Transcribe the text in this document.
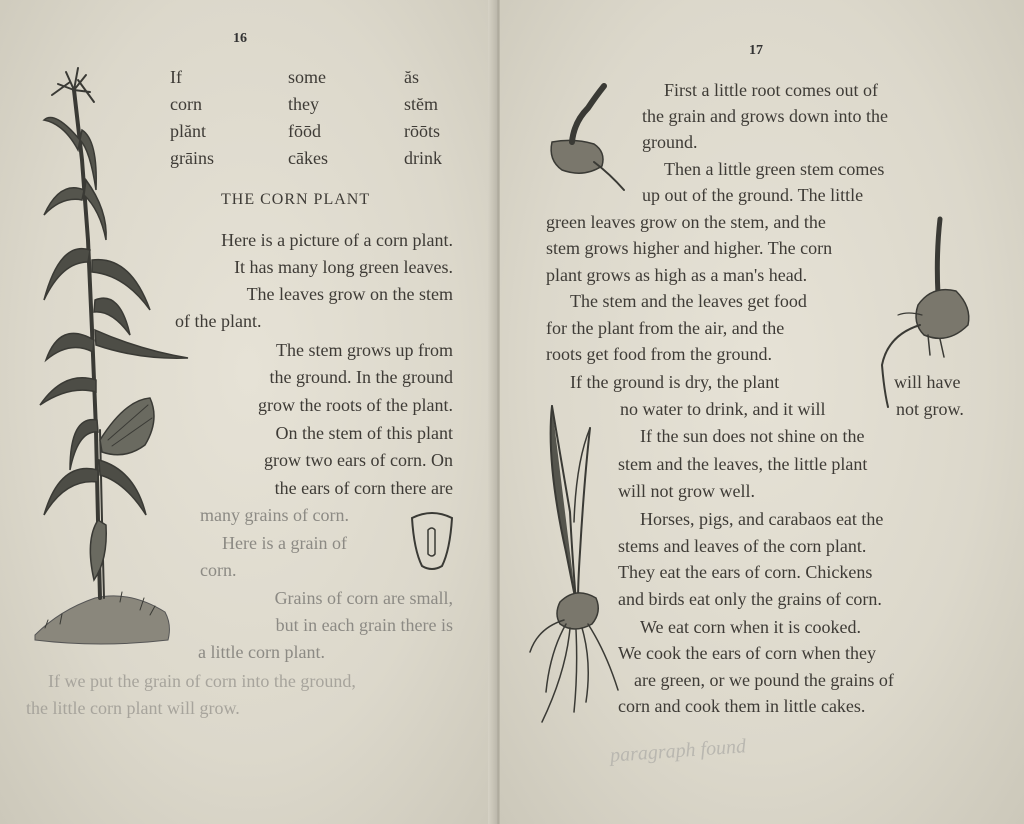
16
If	some	ăs
corn	they	stĕm
plănt	fōōd	rōōts
grāins	cākes	drink
THE CORN PLANT
Here is a picture of a corn plant.
It has many long green leaves.
The leaves grow on the stem
of the plant.
The stem grows up from
the ground. In the ground
grow the roots of the plant.
On the stem of this plant
grow two ears of corn. On
the ears of corn there are
many grains of corn.
Here is a grain of
corn.
Grains of corn are small,
but in each grain there is
a little corn plant.
If we put the grain of corn into the ground,
the little corn plant will grow.
17
First a little root comes out of
the grain and grows down into the
ground.
Then a little green stem comes
up out of the ground. The little
green leaves grow on the stem, and the
stem grows higher and higher. The corn
plant grows as high as a man's head.
The stem and the leaves get food
for the plant from the air, and the
roots get food from the ground.
If the ground is dry, the plant	will have
no water to drink, and it will	not grow.
If the sun does not shine on the
stem and the leaves, the little plant
will not grow well.
Horses, pigs, and carabaos eat the
stems and leaves of the corn plant.
They eat the ears of corn. Chickens
and birds eat only the grains of corn.
We eat corn when it is cooked.
We cook the ears of corn when they
are green, or we pound the grains of
corn and cook them in little cakes.
paragraph found
